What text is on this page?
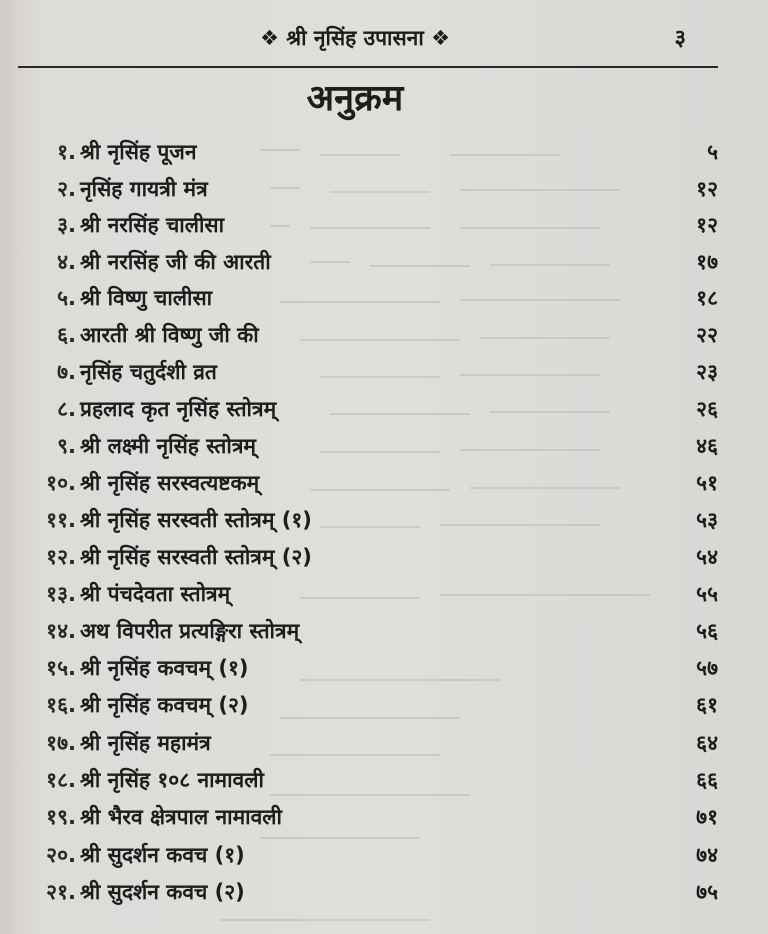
❖ श्री नृसिंह उपासना ❖	३
अनुक्रम
१. श्री नृसिंह पूजन	५
२. नृसिंह गायत्री मंत्र	१२
३. श्री नरसिंह चालीसा	१२
४. श्री नरसिंह जी की आरती	१७
५. श्री विष्णु चालीसा	१८
६. आरती श्री विष्णु जी की	२२
७. नृसिंह चतुर्दशी व्रत	२३
८. प्रहलाद कृत नृसिंह स्तोत्रम्	२६
९. श्री लक्ष्मी नृसिंह स्तोत्रम्	४६
१०. श्री नृसिंह सरस्वत्यष्टकम्	५१
११. श्री नृसिंह सरस्वती स्तोत्रम् (१)	५३
१२. श्री नृसिंह सरस्वती स्तोत्रम् (२)	५४
१३. श्री पंचदेवता स्तोत्रम्	५५
१४. अथ विपरीत प्रत्यङ्गिरा स्तोत्रम्	५६
१५. श्री नृसिंह कवचम् (१)	५७
१६. श्री नृसिंह कवचम् (२)	६१
१७. श्री नृसिंह महामंत्र	६४
१८. श्री नृसिंह १०८ नामावली	६६
१९. श्री भैरव क्षेत्रपाल नामावली	७१
२०. श्री सुदर्शन कवच (१)	७४
२१. श्री सुदर्शन कवच (२)	७५
